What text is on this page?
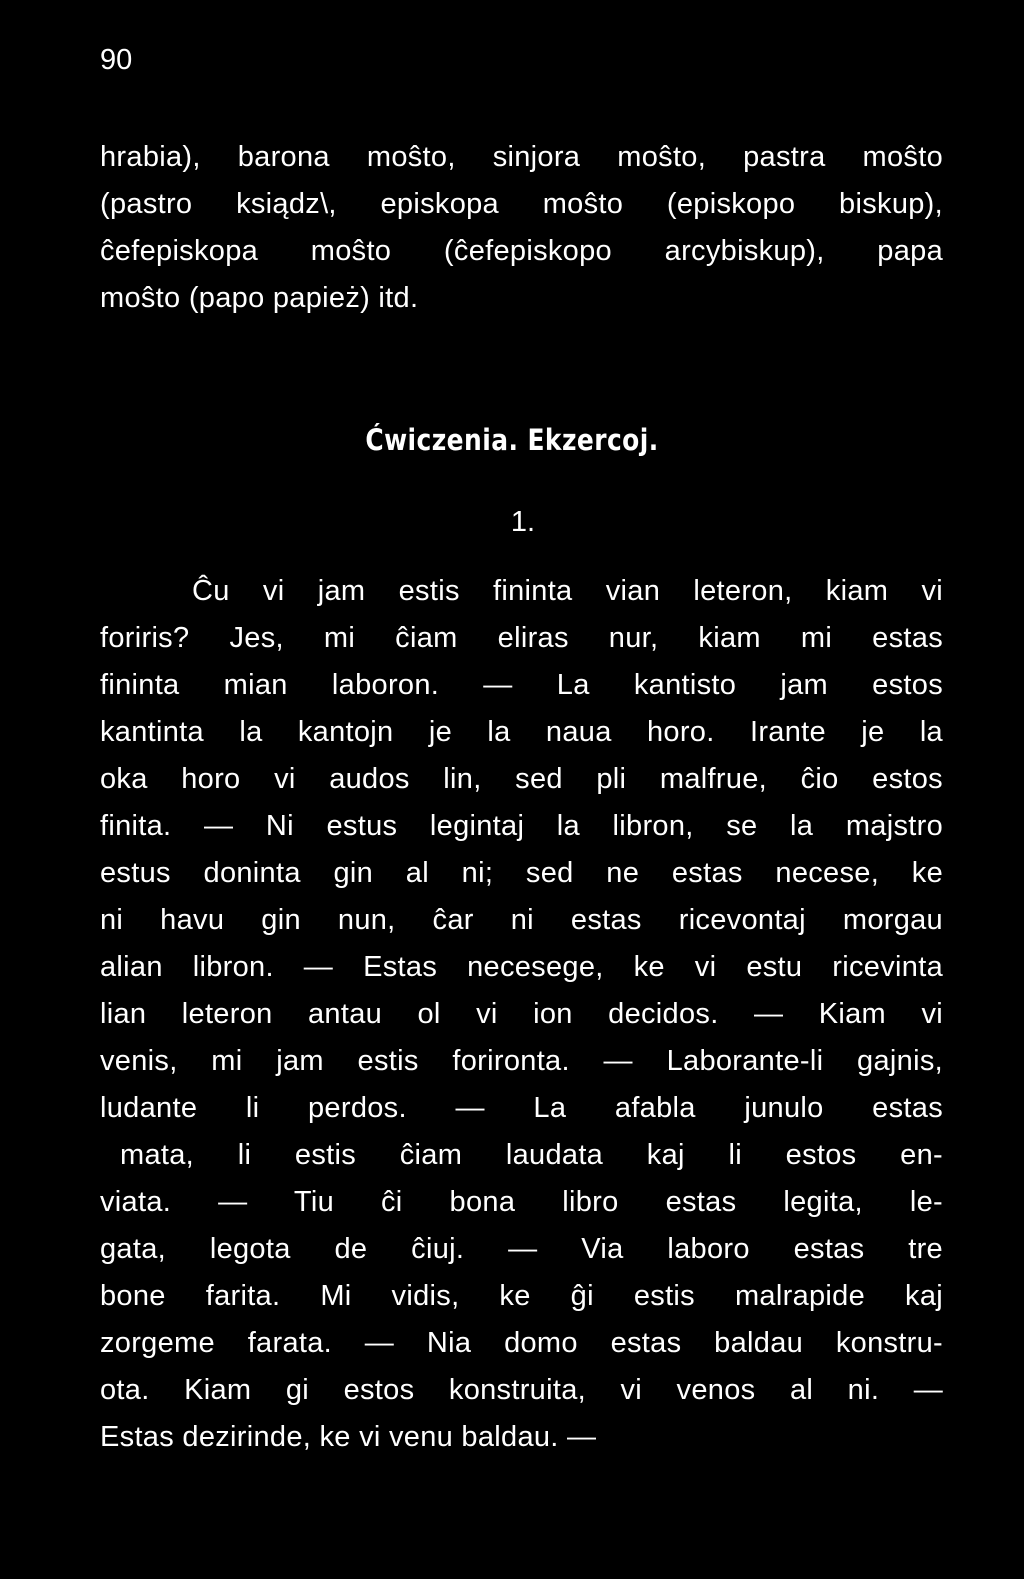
90
hrabia), barona moŝto, sinjora moŝto, pastra moŝto
(pastro ksiądz\, episkopa moŝto (episkopo biskup),
ĉefepiskopa moŝto (ĉefepiskopo arcybiskup), papa
moŝto (papo papież) itd.
Ćwiczenia. Ekzercoj.
1.
Ĉu vi jam estis fininta vian leteron, kiam vi
foriris? Jes, mi ĉiam eliras nur, kiam mi estas
fininta mian laboron. — La kantisto jam estos
kantinta la kantojn je la naua horo. Irante je la
oka horo vi audos lin, sed pli malfrue, ĉio estos
finita. — Ni estus legintaj la libron, se la majstro
estus doninta gin al ni; sed ne estas necese, ke
ni havu gin nun, ĉar ni estas ricevontaj morgau
alian libron. — Estas necesege, ke vi estu ricevinta
lian leteron antau ol vi ion decidos. — Kiam vi
venis, mi jam estis forironta. — Laborante-li gajnis,
ludante li perdos. — La afabla junulo estas
mata, li estis ĉiam laudata kaj li estos en-
viata. — Tiu ĉi bona libro estas legita, le-
gata, legota de ĉiuj. — Via laboro estas tre
bone farita. Mi vidis, ke ĝi estis malrapide kaj
zorgeme farata. — Nia domo estas baldau konstru-
ota. Kiam gi estos konstruita, vi venos al ni. —
Estas dezirinde, ke vi venu baldau. —
